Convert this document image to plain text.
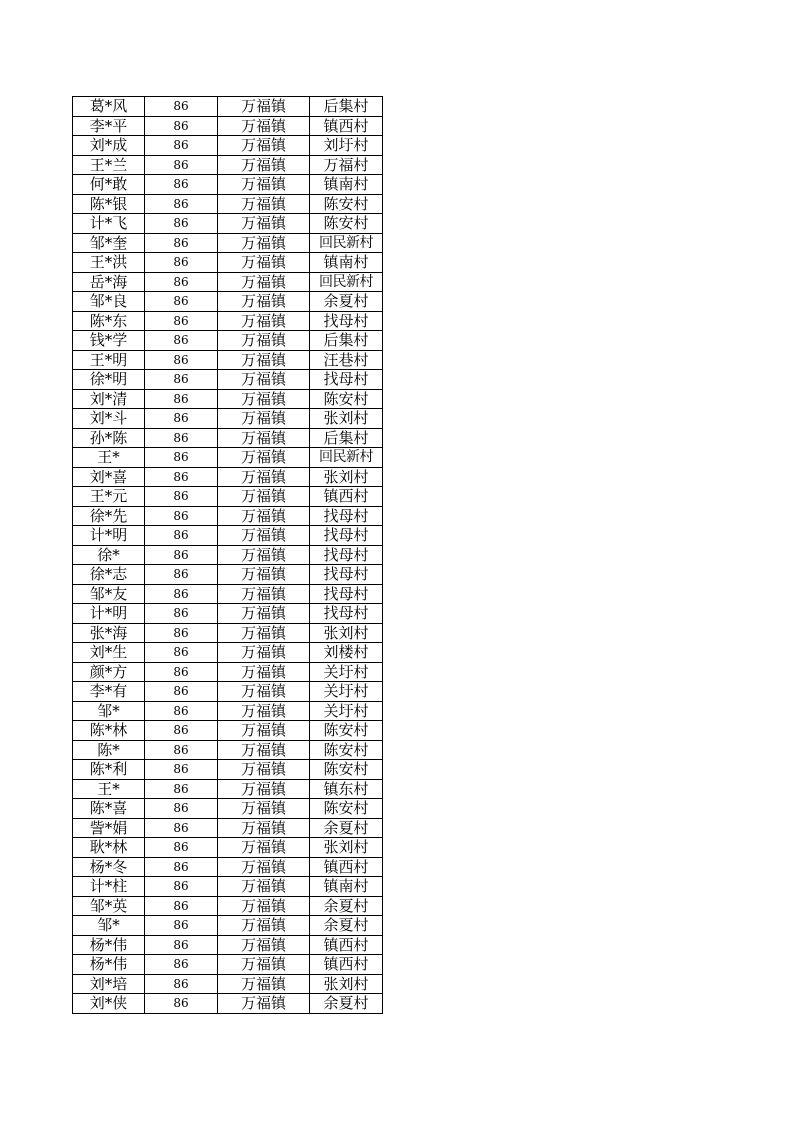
葛*风	86	万福镇	后集村
李*平	86	万福镇	镇西村
刘*成	86	万福镇	刘圩村
王*兰	86	万福镇	万福村
何*敢	86	万福镇	镇南村
陈*银	86	万福镇	陈安村
计*飞	86	万福镇	陈安村
邹*奎	86	万福镇	回民新村
王*洪	86	万福镇	镇南村
岳*海	86	万福镇	回民新村
邹*良	86	万福镇	余夏村
陈*东	86	万福镇	找母村
钱*学	86	万福镇	后集村
王*明	86	万福镇	汪巷村
徐*明	86	万福镇	找母村
刘*清	86	万福镇	陈安村
刘*斗	86	万福镇	张刘村
孙*陈	86	万福镇	后集村
王*	86	万福镇	回民新村
刘*喜	86	万福镇	张刘村
王*元	86	万福镇	镇西村
徐*先	86	万福镇	找母村
计*明	86	万福镇	找母村
徐*	86	万福镇	找母村
徐*志	86	万福镇	找母村
邹*友	86	万福镇	找母村
计*明	86	万福镇	找母村
张*海	86	万福镇	张刘村
刘*生	86	万福镇	刘楼村
颜*方	86	万福镇	关圩村
李*有	86	万福镇	关圩村
邹*	86	万福镇	关圩村
陈*林	86	万福镇	陈安村
陈*	86	万福镇	陈安村
陈*利	86	万福镇	陈安村
王*	86	万福镇	镇东村
陈*喜	86	万福镇	陈安村
訾*娟	86	万福镇	余夏村
耿*林	86	万福镇	张刘村
杨*冬	86	万福镇	镇西村
计*柱	86	万福镇	镇南村
邹*英	86	万福镇	余夏村
邹*	86	万福镇	余夏村
杨*伟	86	万福镇	镇西村
杨*伟	86	万福镇	镇西村
刘*培	86	万福镇	张刘村
刘*侠	86	万福镇	余夏村
